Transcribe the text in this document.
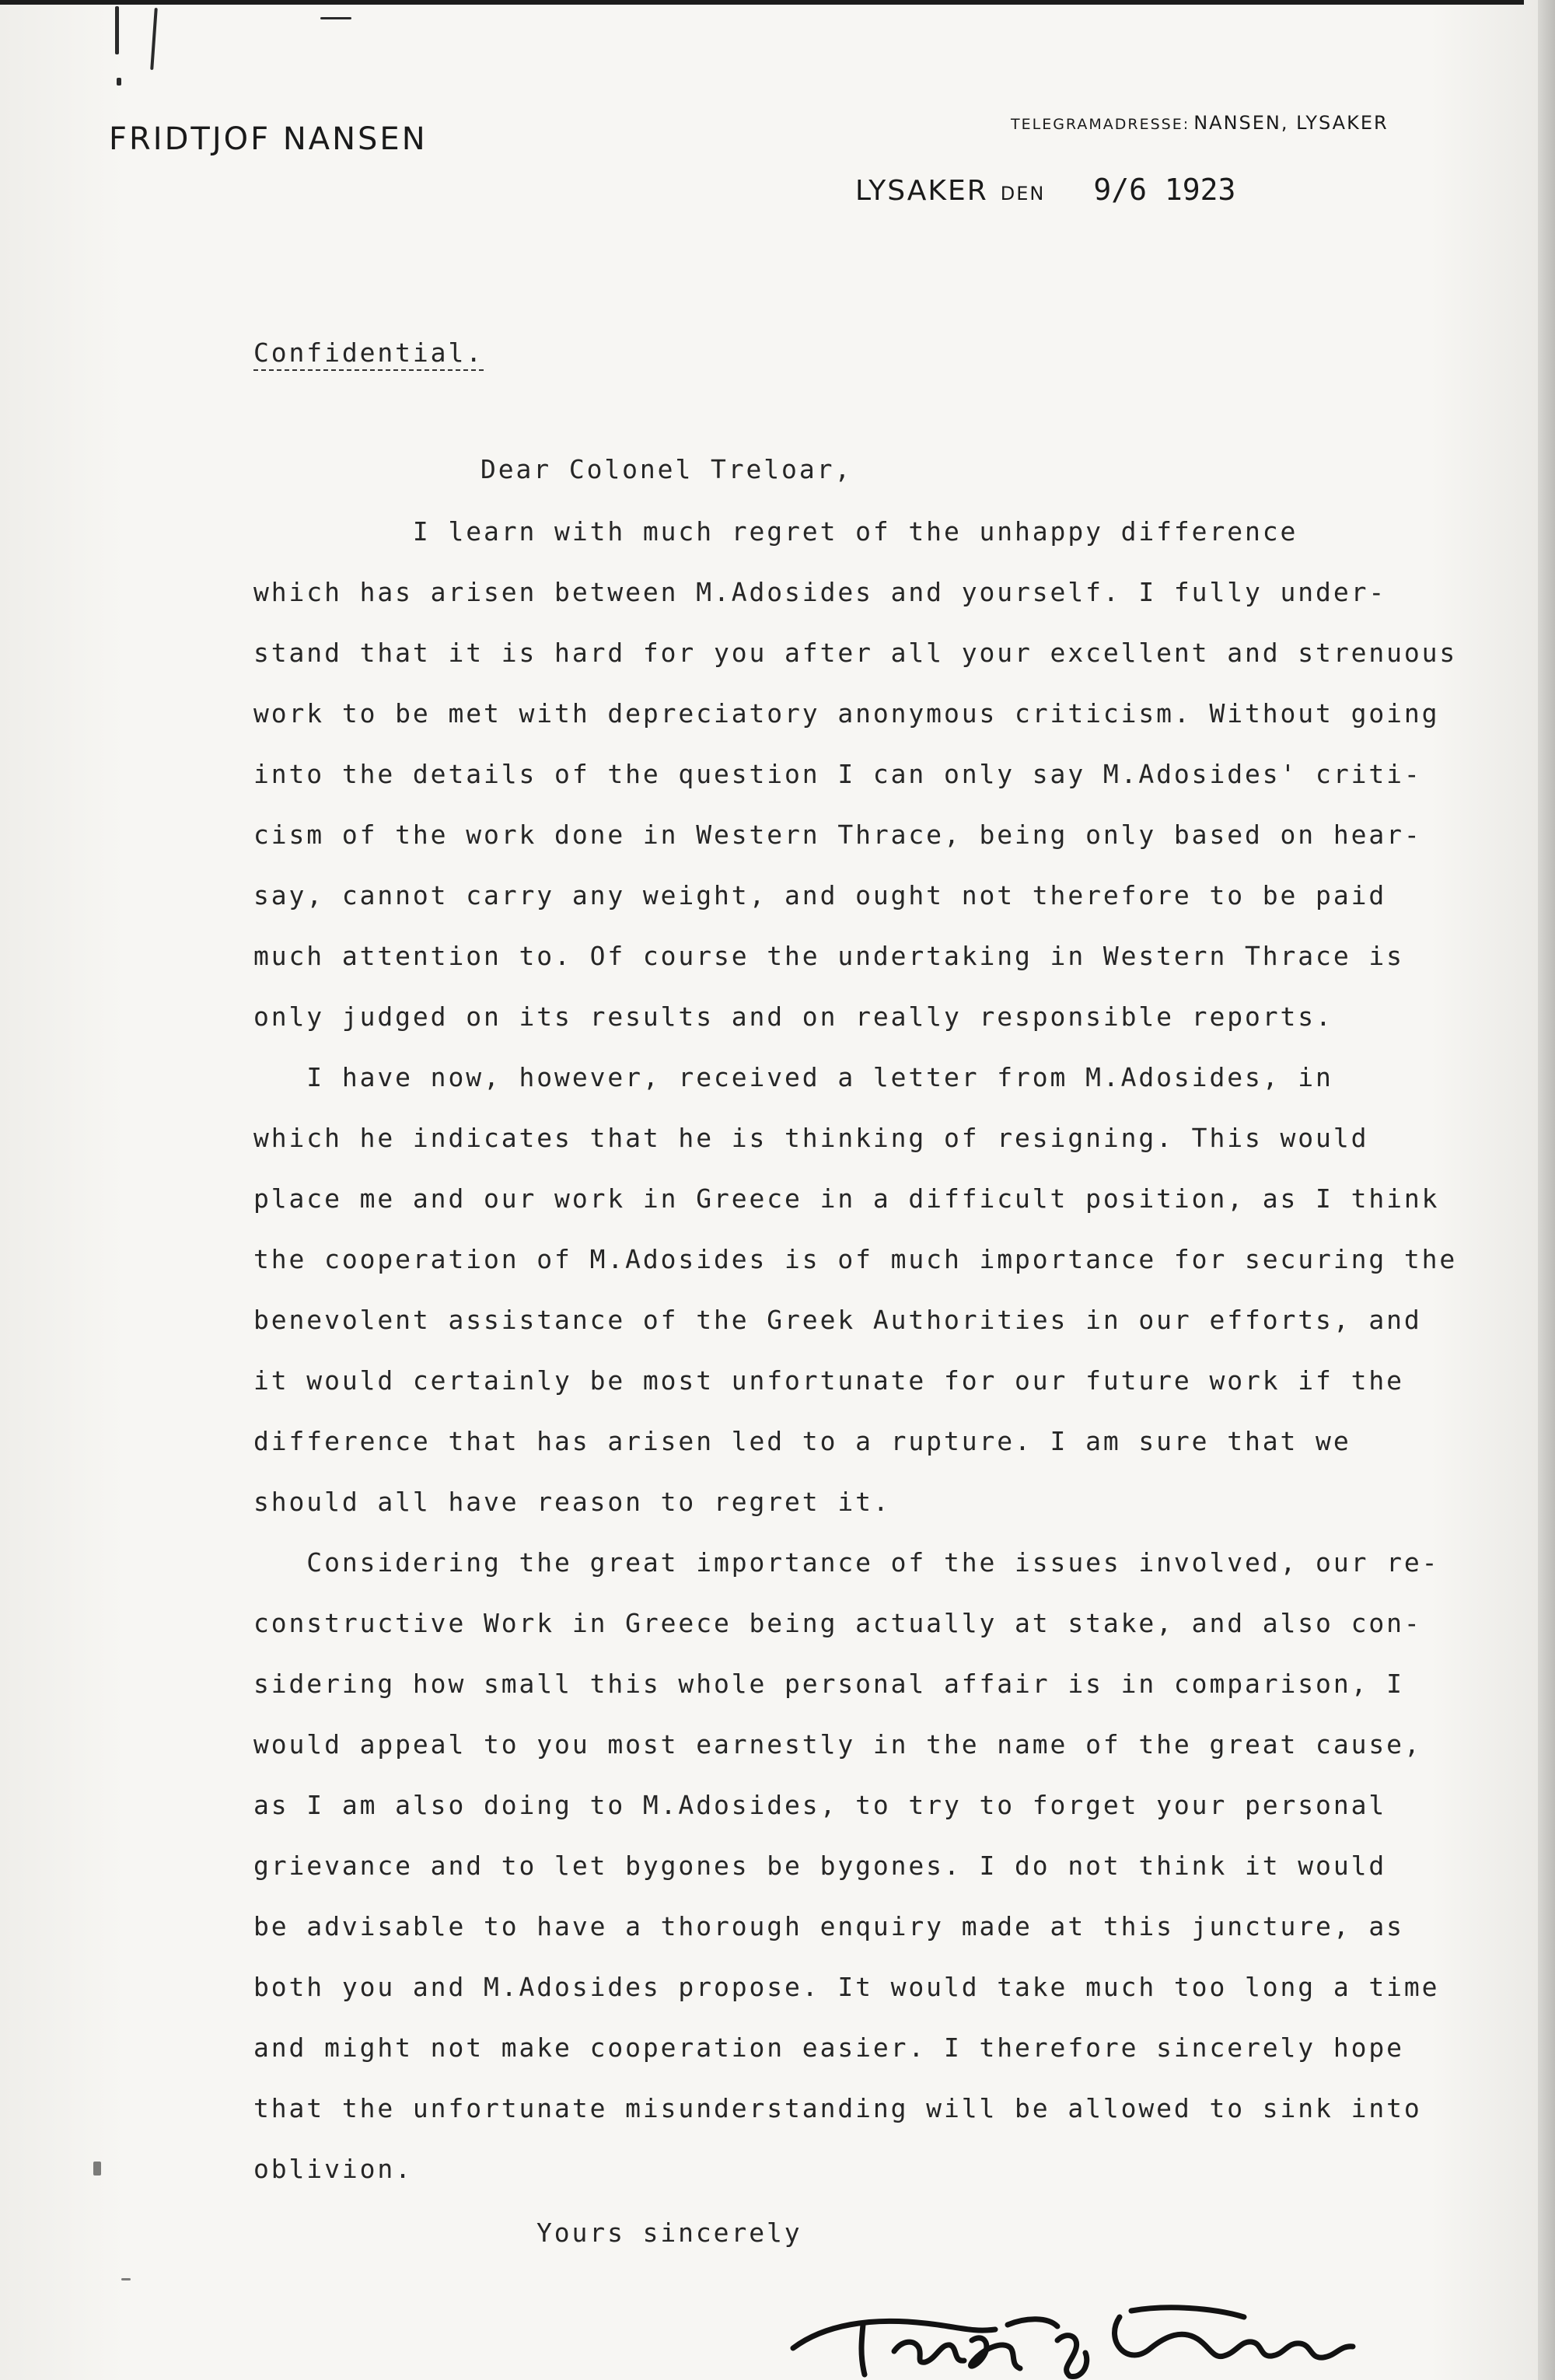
FRIDTJOF NANSEN	TELEGRAMADRESSE: NANSEN, LYSAKER
LYSAKER DEN 9/6 1923
Confidential.
Dear Colonel Treloar,
I learn with much regret of the unhappy difference
which has arisen between M.Adosides and yourself. I fully under-
stand that it is hard for you after all your excellent and strenuous
work to be met with depreciatory anonymous criticism. Without going
into the details of the question I can only say M.Adosides' criti-
cism of the work done in Western Thrace, being only based on hear-
say, cannot carry any weight, and ought not therefore to be paid
much attention to. Of course the undertaking in Western Thrace is
only judged on its results and on really responsible reports.
I have now, however, received a letter from M.Adosides, in
which he indicates that he is thinking of resigning. This would
place me and our work in Greece in a difficult position, as I think
the cooperation of M.Adosides is of much importance for securing the
benevolent assistance of the Greek Authorities in our efforts, and
it would certainly be most unfortunate for our future work if the
difference that has arisen led to a rupture. I am sure that we
should all have reason to regret it.
Considering the great importance of the issues involved, our re-
constructive Work in Greece being actually at stake, and also con-
sidering how small this whole personal affair is in comparison, I
would appeal to you most earnestly in the name of the great cause,
as I am also doing to M.Adosides, to try to forget your personal
grievance and to let bygones be bygones. I do not think it would
be advisable to have a thorough enquiry made at this juncture, as
both you and M.Adosides propose. It would take much too long a time
and might not make cooperation easier. I therefore sincerely hope
that the unfortunate misunderstanding will be allowed to sink into
oblivion.
Yours sincerely
